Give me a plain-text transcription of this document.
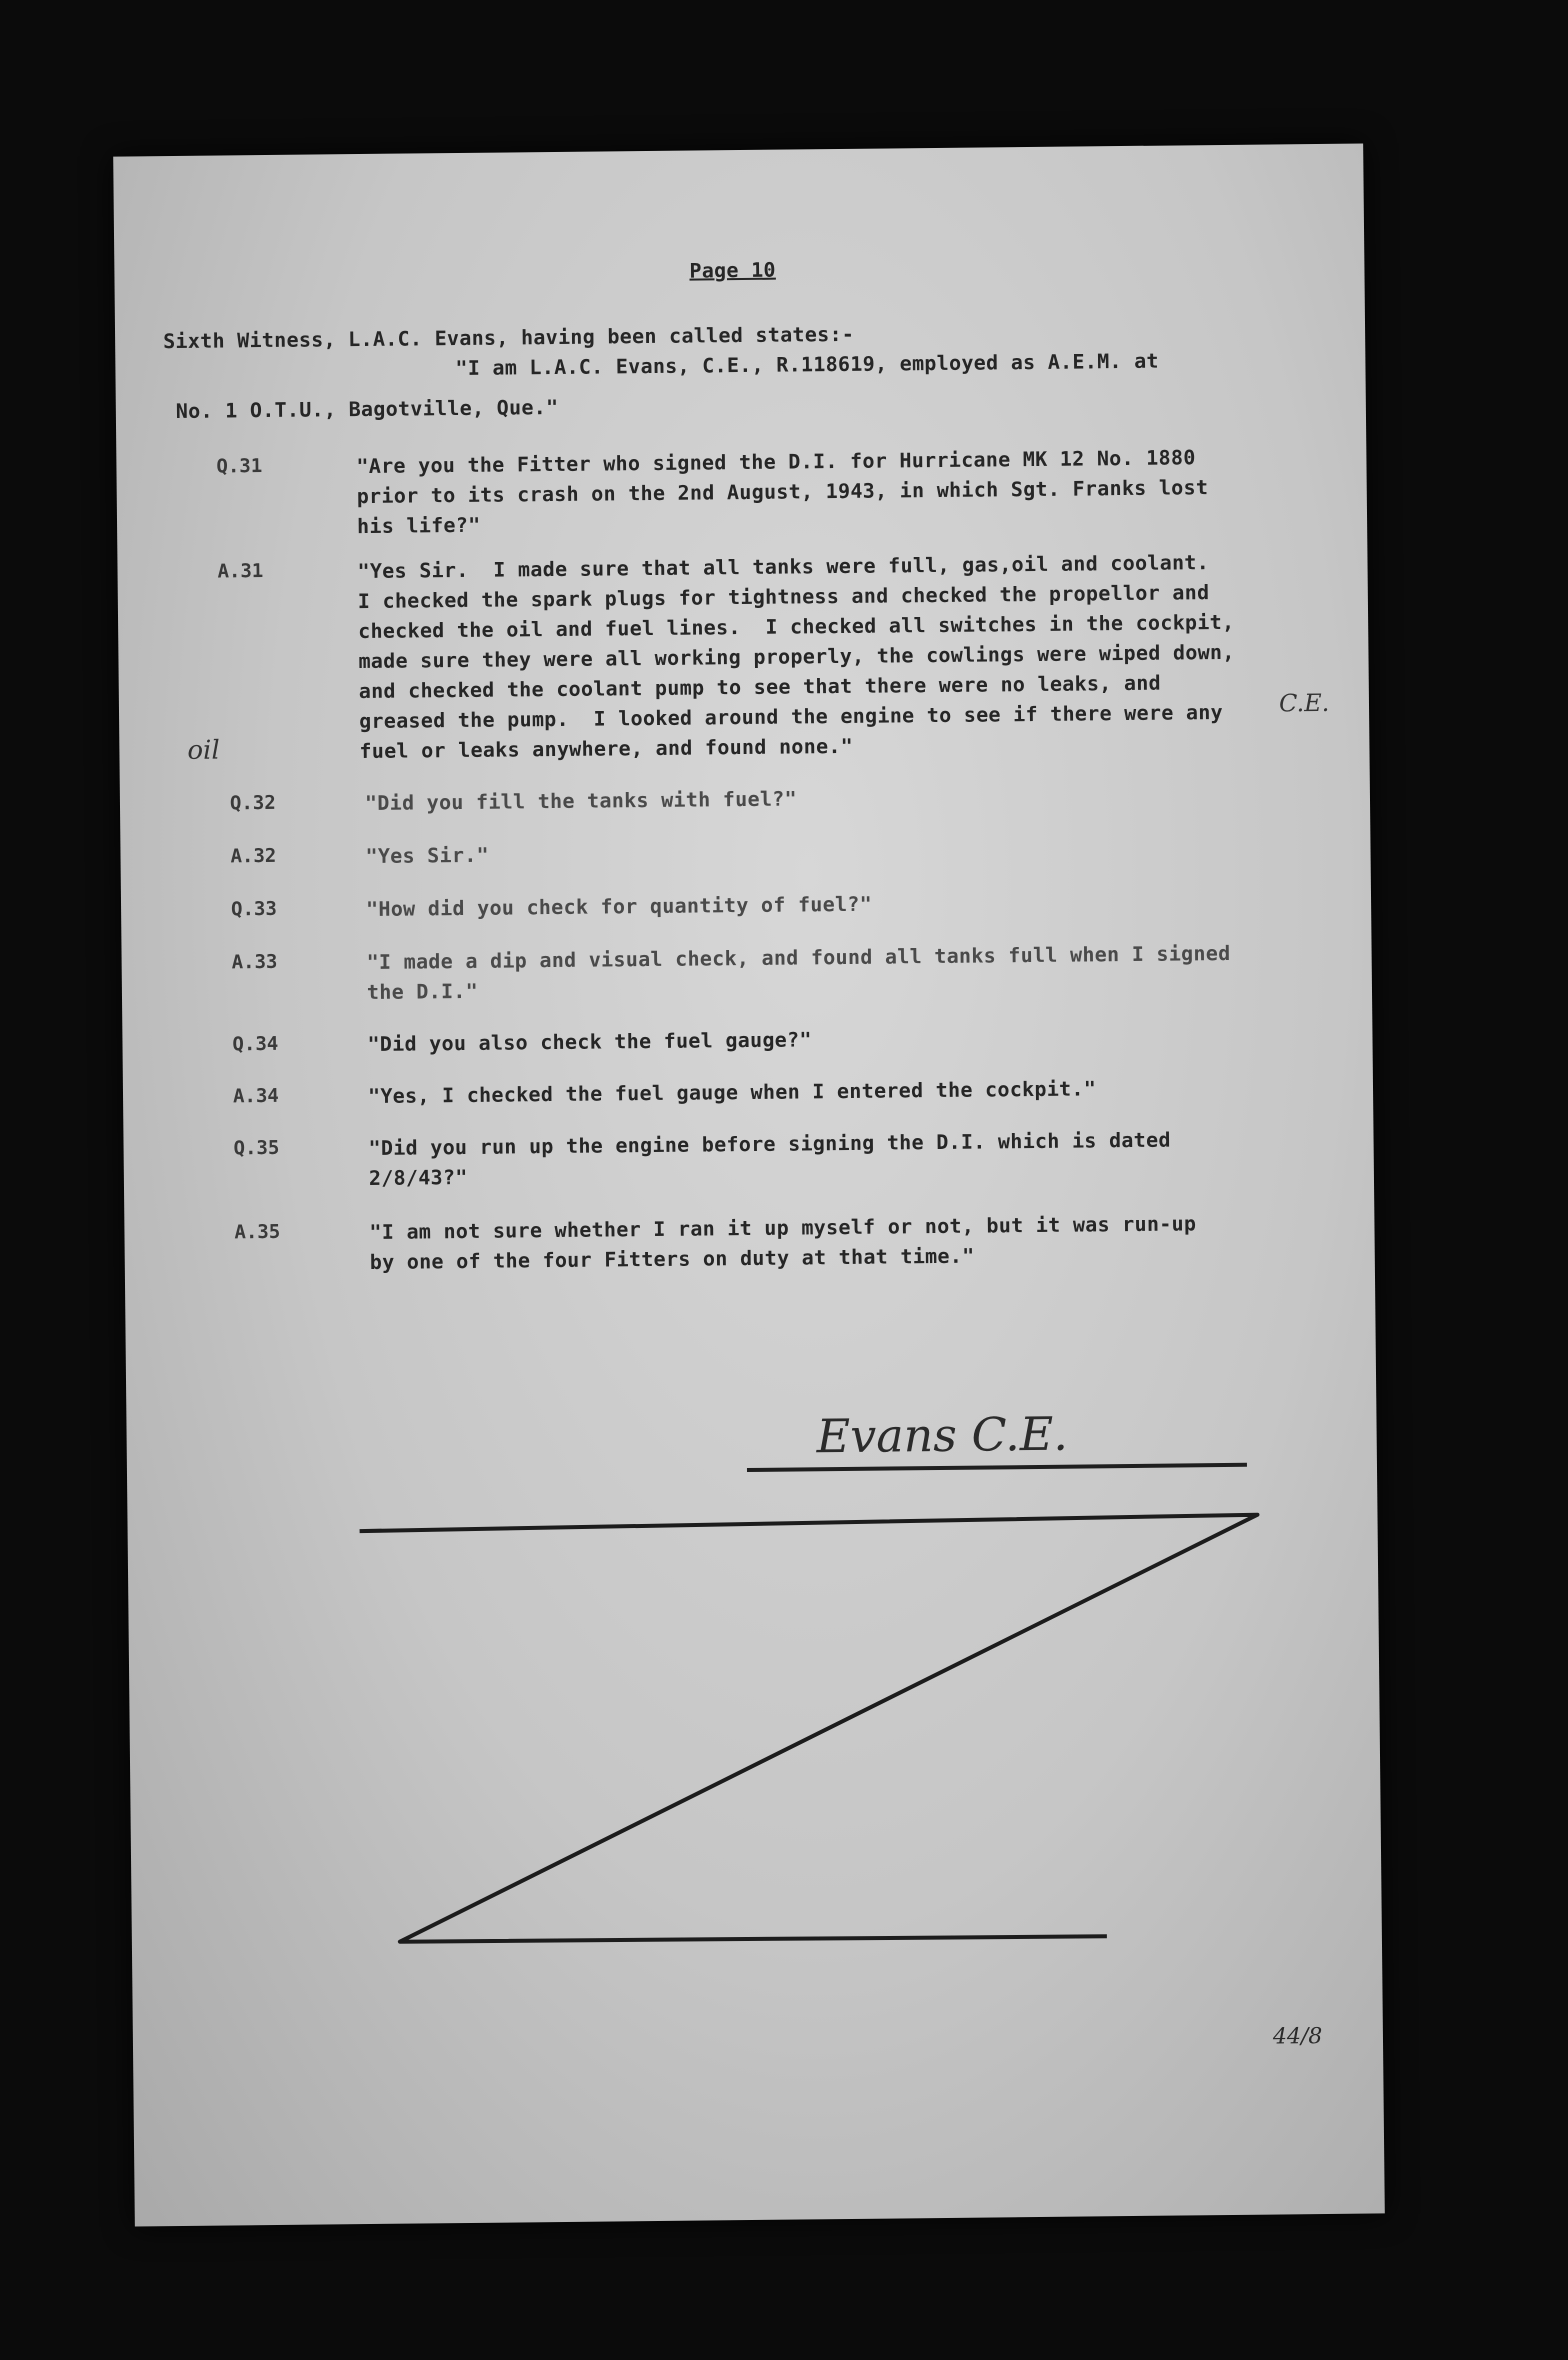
Page 10
Sixth Witness, L.A.C. Evans, having been called states:-
"I am L.A.C. Evans, C.E., R.118619, employed as A.E.M. at
No. 1 O.T.U., Bagotville, Que."
Q.31	"Are you the Fitter who signed the D.I. for Hurricane MK 12 No. 1880
prior to its crash on the 2nd August, 1943, in which Sgt. Franks lost
his life?"
A.31	"Yes Sir.  I made sure that all tanks were full, gas,oil and coolant.
I checked the spark plugs for tightness and checked the propellor and
checked the oil and fuel lines.  I checked all switches in the cockpit,
made sure they were all working properly, the cowlings were wiped down,
and checked the coolant pump to see that there were no leaks, and
greased the pump.  I looked around the engine to see if there were any
fuel or leaks anywhere, and found none."
oil
C.E.
Q.32	"Did you fill the tanks with fuel?"
A.32	"Yes Sir."
Q.33	"How did you check for quantity of fuel?"
A.33	"I made a dip and visual check, and found all tanks full when I signed
the D.I."
Q.34	"Did you also check the fuel gauge?"
A.34	"Yes, I checked the fuel gauge when I entered the cockpit."
Q.35	"Did you run up the engine before signing the D.I. which is dated
2/8/43?"
A.35	"I am not sure whether I ran it up myself or not, but it was run-up
by one of the four Fitters on duty at that time."
Evans C.E.
44/8
